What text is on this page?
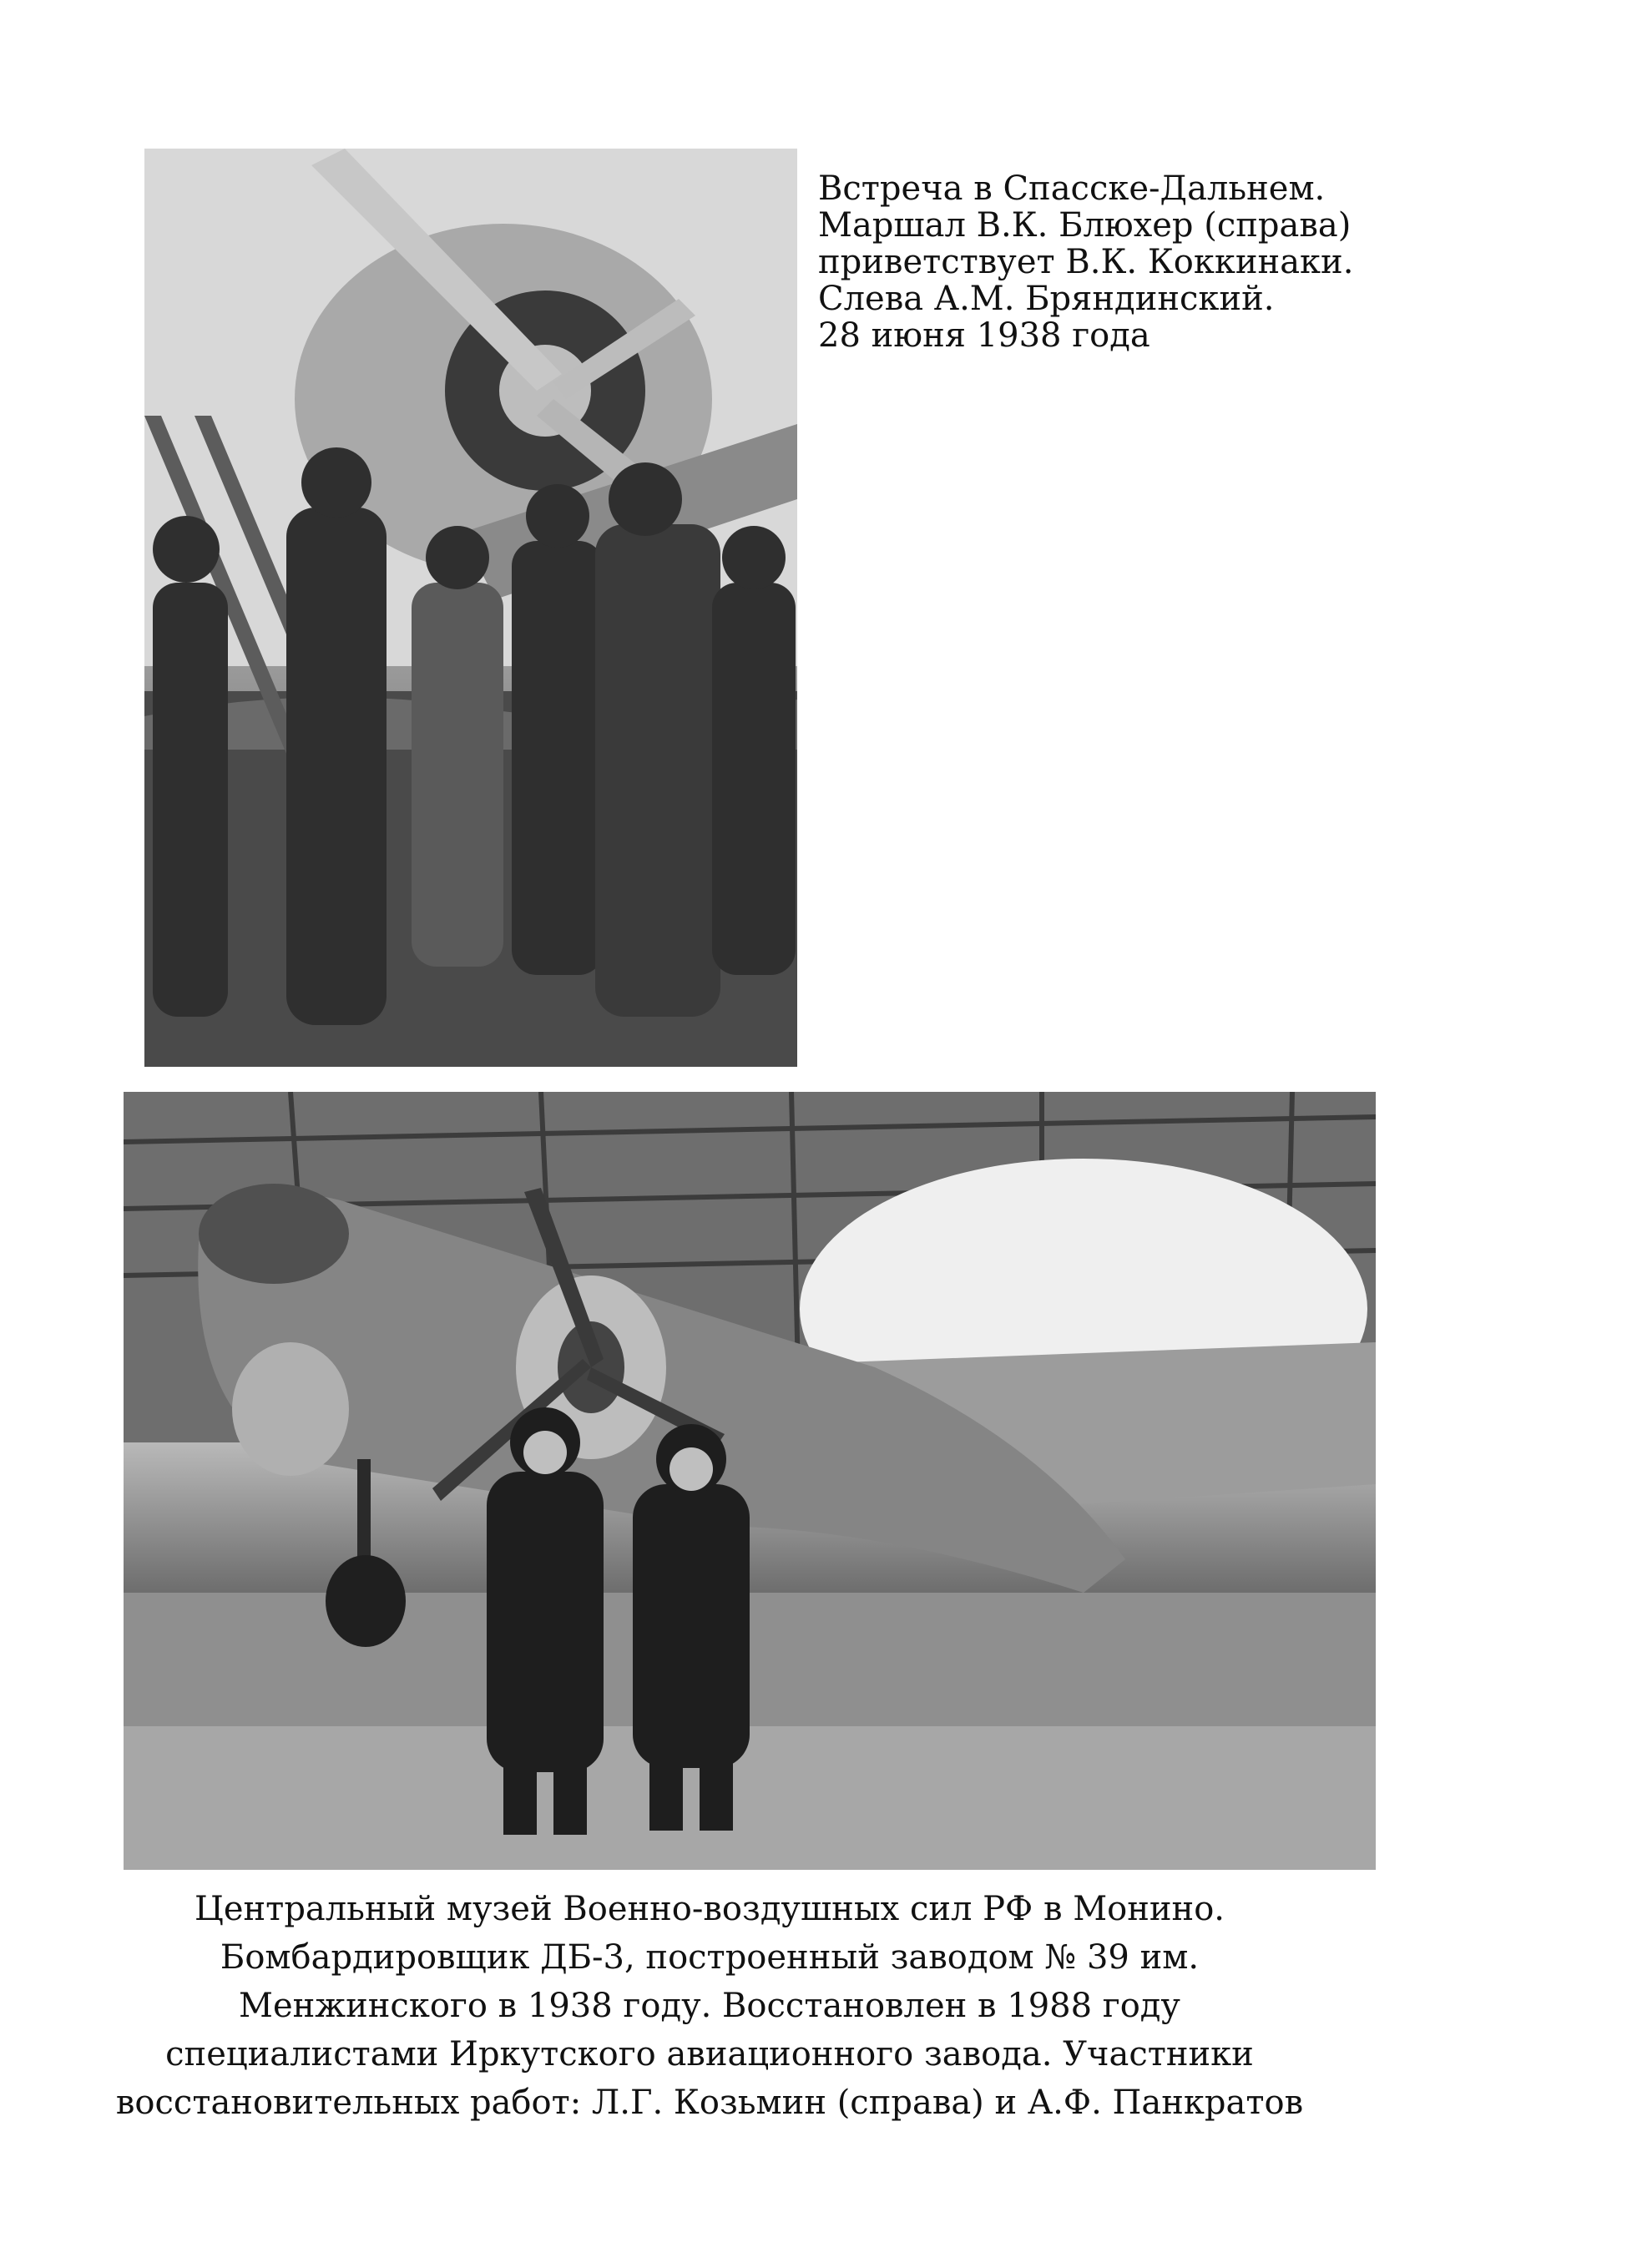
Встреча в Спасске-Дальнем.
Маршал В.К. Блюхер (справа)
приветствует В.К. Коккинаки.
Слева А.М. Бряндинский.
28 июня 1938 года
Центральный музей Военно-воздушных сил РФ в Монино.
Бомбардировщик ДБ-3, построенный заводом № 39 им.
Менжинского в 1938 году. Восстановлен в 1988 году
специалистами Иркутского авиационного завода. Участники
восстановительных работ: Л.Г. Козьмин (справа) и А.Ф. Панкратов
